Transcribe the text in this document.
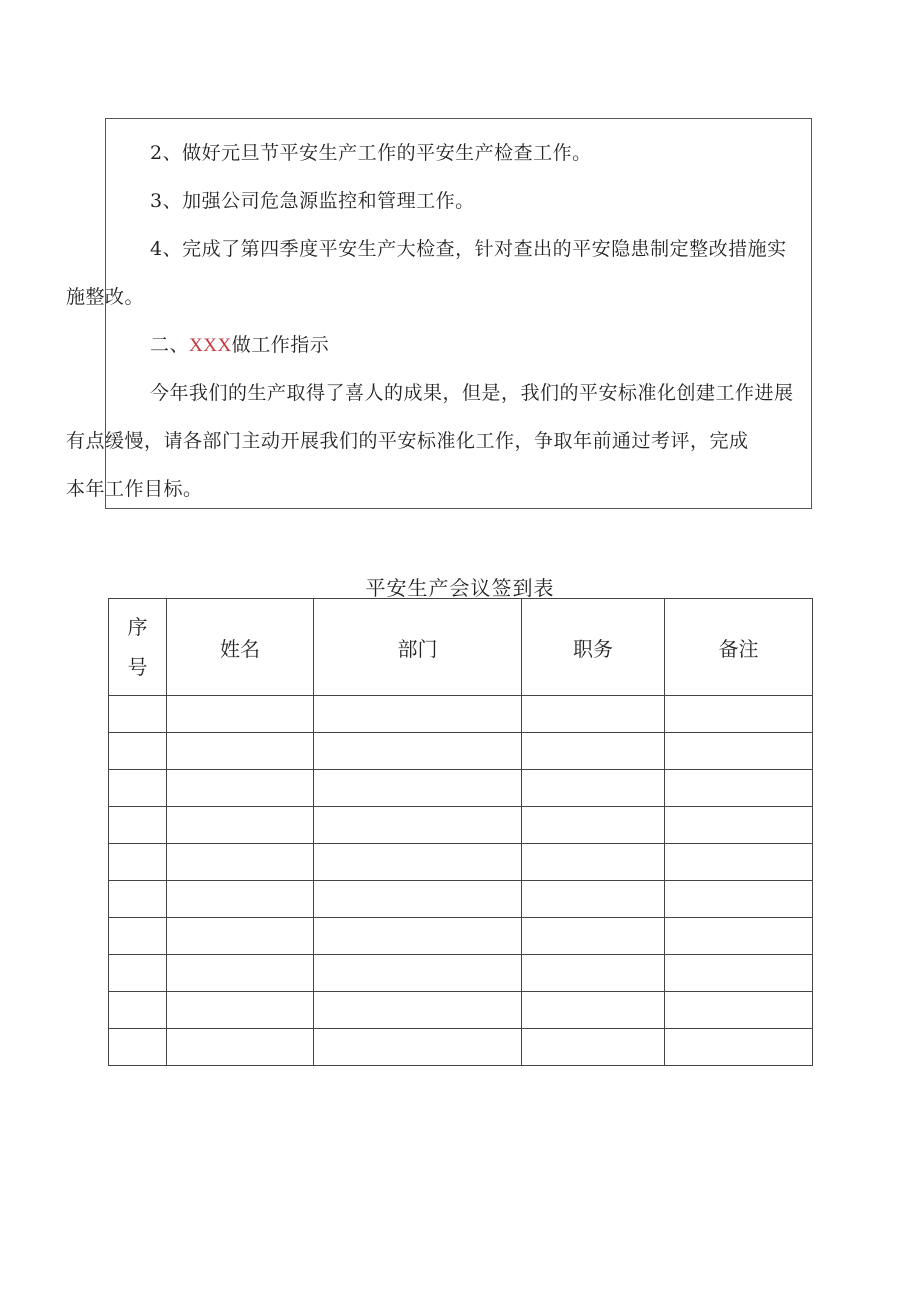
2、做好元旦节平安生产工作的平安生产检查工作。
3、加强公司危急源监控和管理工作。
4、完成了第四季度平安生产大检查，针对查出的平安隐患制定整改措施实
施整改。
二、XXX做工作指示
今年我们的生产取得了喜人的成果，但是，我们的平安标准化创建工作进展
有点缓慢，请各部门主动开展我们的平安标准化工作，争取年前通过考评，完成
本年工作目标。
平安生产会议签到表
序
号	姓名	部门	职务	备注
